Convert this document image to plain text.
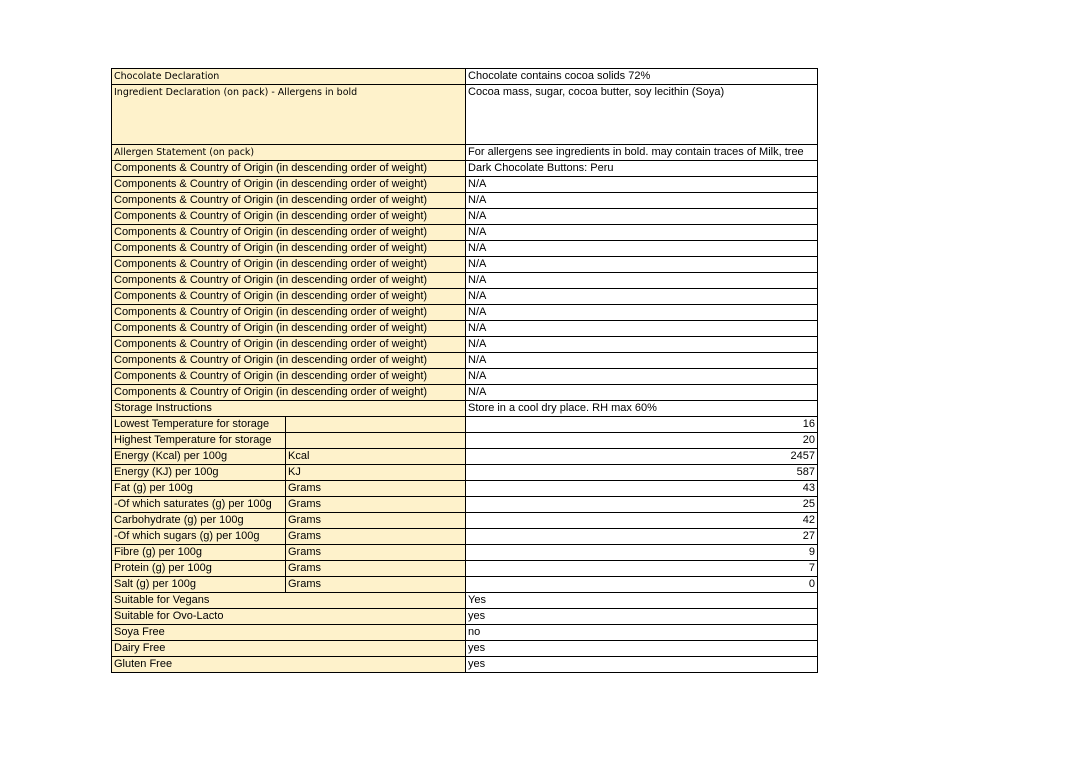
Chocolate Declaration		Chocolate contains cocoa solids 72%
Ingredient Declaration (on pack) - Allergens in bold		Cocoa mass, sugar, cocoa butter, soy lecithin (Soya)
Allergen Statement (on pack)		For allergens see ingredients in bold. may contain traces of Milk, tree
Components & Country of Origin (in descending order of weight)		Dark Chocolate Buttons: Peru
Components & Country of Origin (in descending order of weight)		N/A
Components & Country of Origin (in descending order of weight)		N/A
Components & Country of Origin (in descending order of weight)		N/A
Components & Country of Origin (in descending order of weight)		N/A
Components & Country of Origin (in descending order of weight)		N/A
Components & Country of Origin (in descending order of weight)		N/A
Components & Country of Origin (in descending order of weight)		N/A
Components & Country of Origin (in descending order of weight)		N/A
Components & Country of Origin (in descending order of weight)		N/A
Components & Country of Origin (in descending order of weight)		N/A
Components & Country of Origin (in descending order of weight)		N/A
Components & Country of Origin (in descending order of weight)		N/A
Components & Country of Origin (in descending order of weight)		N/A
Components & Country of Origin (in descending order of weight)		N/A
Storage Instructions		Store in a cool dry place. RH max 60%
Lowest Temperature for storage		16
Highest Temperature for storage		20
Energy (Kcal) per 100g	Kcal	2457
Energy (KJ) per 100g	KJ	587
Fat (g) per 100g	Grams	43
-Of which saturates (g) per 100g	Grams	25
Carbohydrate (g) per 100g	Grams	42
-Of which sugars (g) per 100g	Grams	27
Fibre (g) per 100g	Grams	9
Protein (g) per 100g	Grams	7
Salt (g) per 100g	Grams	0
Suitable for Vegans		Yes
Suitable for Ovo-Lacto		yes
Soya Free		no
Dairy Free		yes
Gluten Free		yes
